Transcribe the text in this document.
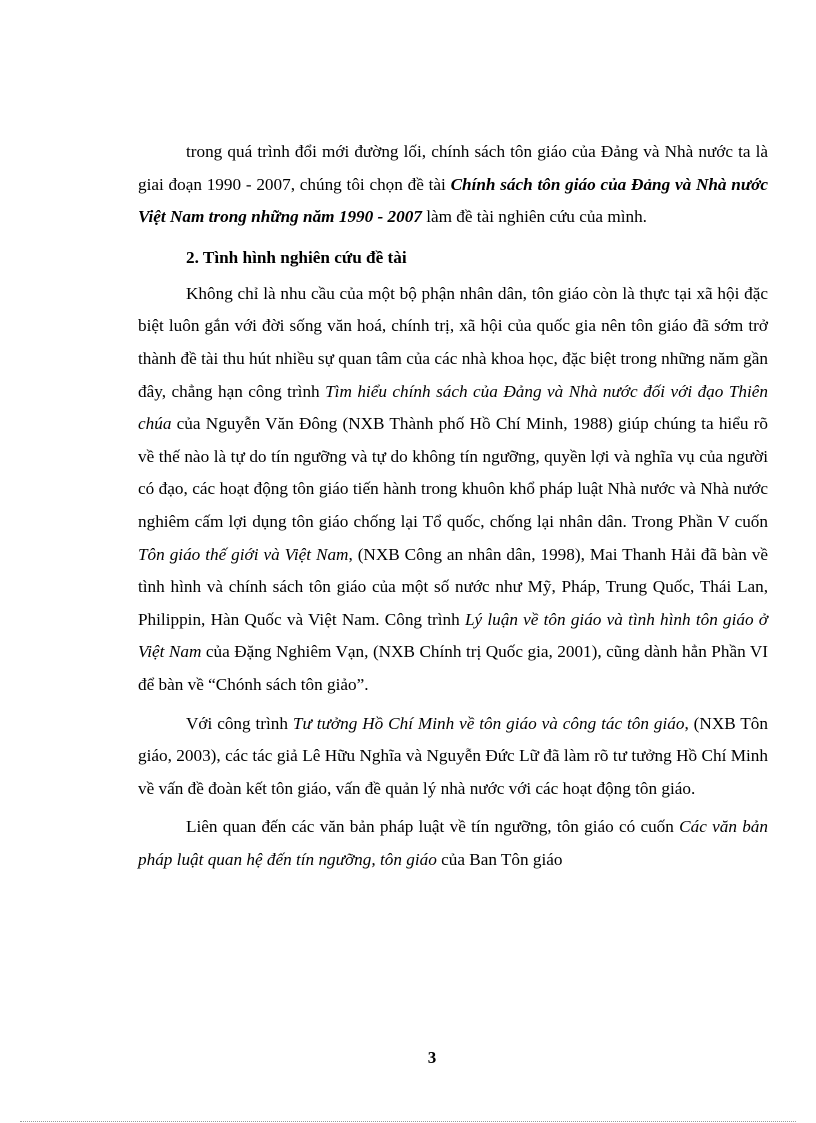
trong quá trình đổi mới đường lối, chính sách tôn giáo của Đảng và Nhà nước ta là giai đoạn 1990 - 2007, chúng tôi chọn đề tài Chính sách tôn giáo của Đảng và Nhà nước Việt Nam trong những năm 1990 - 2007 làm đề tài nghiên cứu của mình.

2. Tình hình nghiên cứu đề tài

Không chỉ là nhu cầu của một bộ phận nhân dân, tôn giáo còn là thực tại xã hội đặc biệt luôn gắn với đời sống văn hoá, chính trị, xã hội của quốc gia nên tôn giáo đã sớm trở thành đề tài thu hút nhiều sự quan tâm của các nhà khoa học, đặc biệt trong những năm gần đây, chẳng hạn công trình Tìm hiểu chính sách của Đảng và Nhà nước đối với đạo Thiên chúa của Nguyễn Văn Đông (NXB Thành phố Hồ Chí Minh, 1988) giúp chúng ta hiểu rõ về thế nào là tự do tín ngưỡng và tự do không tín ngưỡng, quyền lợi và nghĩa vụ của người có đạo, các hoạt động tôn giáo tiến hành trong khuôn khổ pháp luật Nhà nước và Nhà nước nghiêm cấm lợi dụng tôn giáo chống lại Tổ quốc, chống lại nhân dân. Trong Phần V cuốn Tôn giáo thế giới và Việt Nam, (NXB Công an nhân dân, 1998), Mai Thanh Hải đã bàn về tình hình và chính sách tôn giáo của một số nước như Mỹ, Pháp, Trung Quốc, Thái Lan, Philippin, Hàn Quốc và Việt Nam. Công trình Lý luận về tôn giáo và tình hình tôn giáo ở Việt Nam của Đặng Nghiêm Vạn, (NXB Chính trị Quốc gia, 2001), cũng dành hẳn Phần VI để bàn về “Chónh sách tôn giảo”.

Với công trình Tư tưởng Hồ Chí Minh về tôn giáo và công tác tôn giáo, (NXB Tôn giáo, 2003), các tác giả Lê Hữu Nghĩa và Nguyễn Đức Lữ đã làm rõ tư tưởng Hồ Chí Minh về vấn đề đoàn kết tôn giáo, vấn đề quản lý nhà nước với các hoạt động tôn giáo.

Liên quan đến các văn bản pháp luật về tín ngưỡng, tôn giáo có cuốn Các văn bản pháp luật quan hệ đến tín ngưỡng, tôn giáo của Ban Tôn giáo

3
